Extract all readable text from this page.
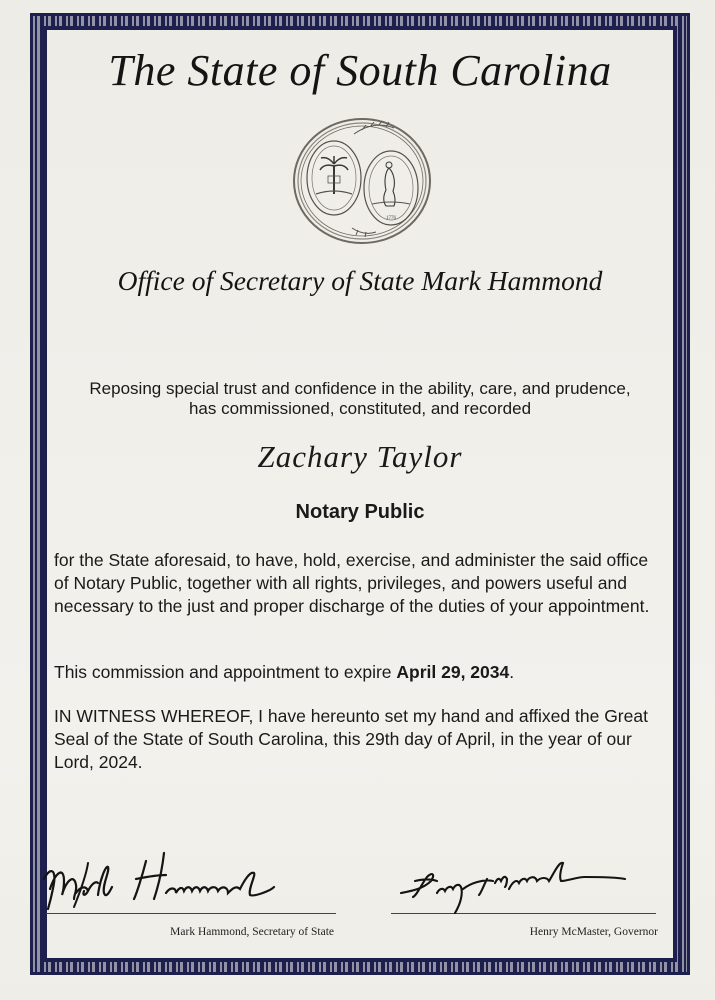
The State of South Carolina
1776
Office of Secretary of State Mark Hammond
Reposing special trust and confidence in the ability, care, and prudence,
has commissioned, constituted, and recorded
Zachary Taylor
Notary Public
for the State aforesaid, to have, hold, exercise, and administer the said office of Notary Public, together with all rights, privileges, and powers useful and necessary to the just and proper discharge of the duties of your appointment.
This commission and appointment to expire April 29, 2034.
IN WITNESS WHEREOF, I have hereunto set my hand and affixed the Great Seal of the State of South Carolina, this 29th day of April, in the year of our Lord, 2024.
Mark Hammond, Secretary of State	Henry McMaster, Governor
